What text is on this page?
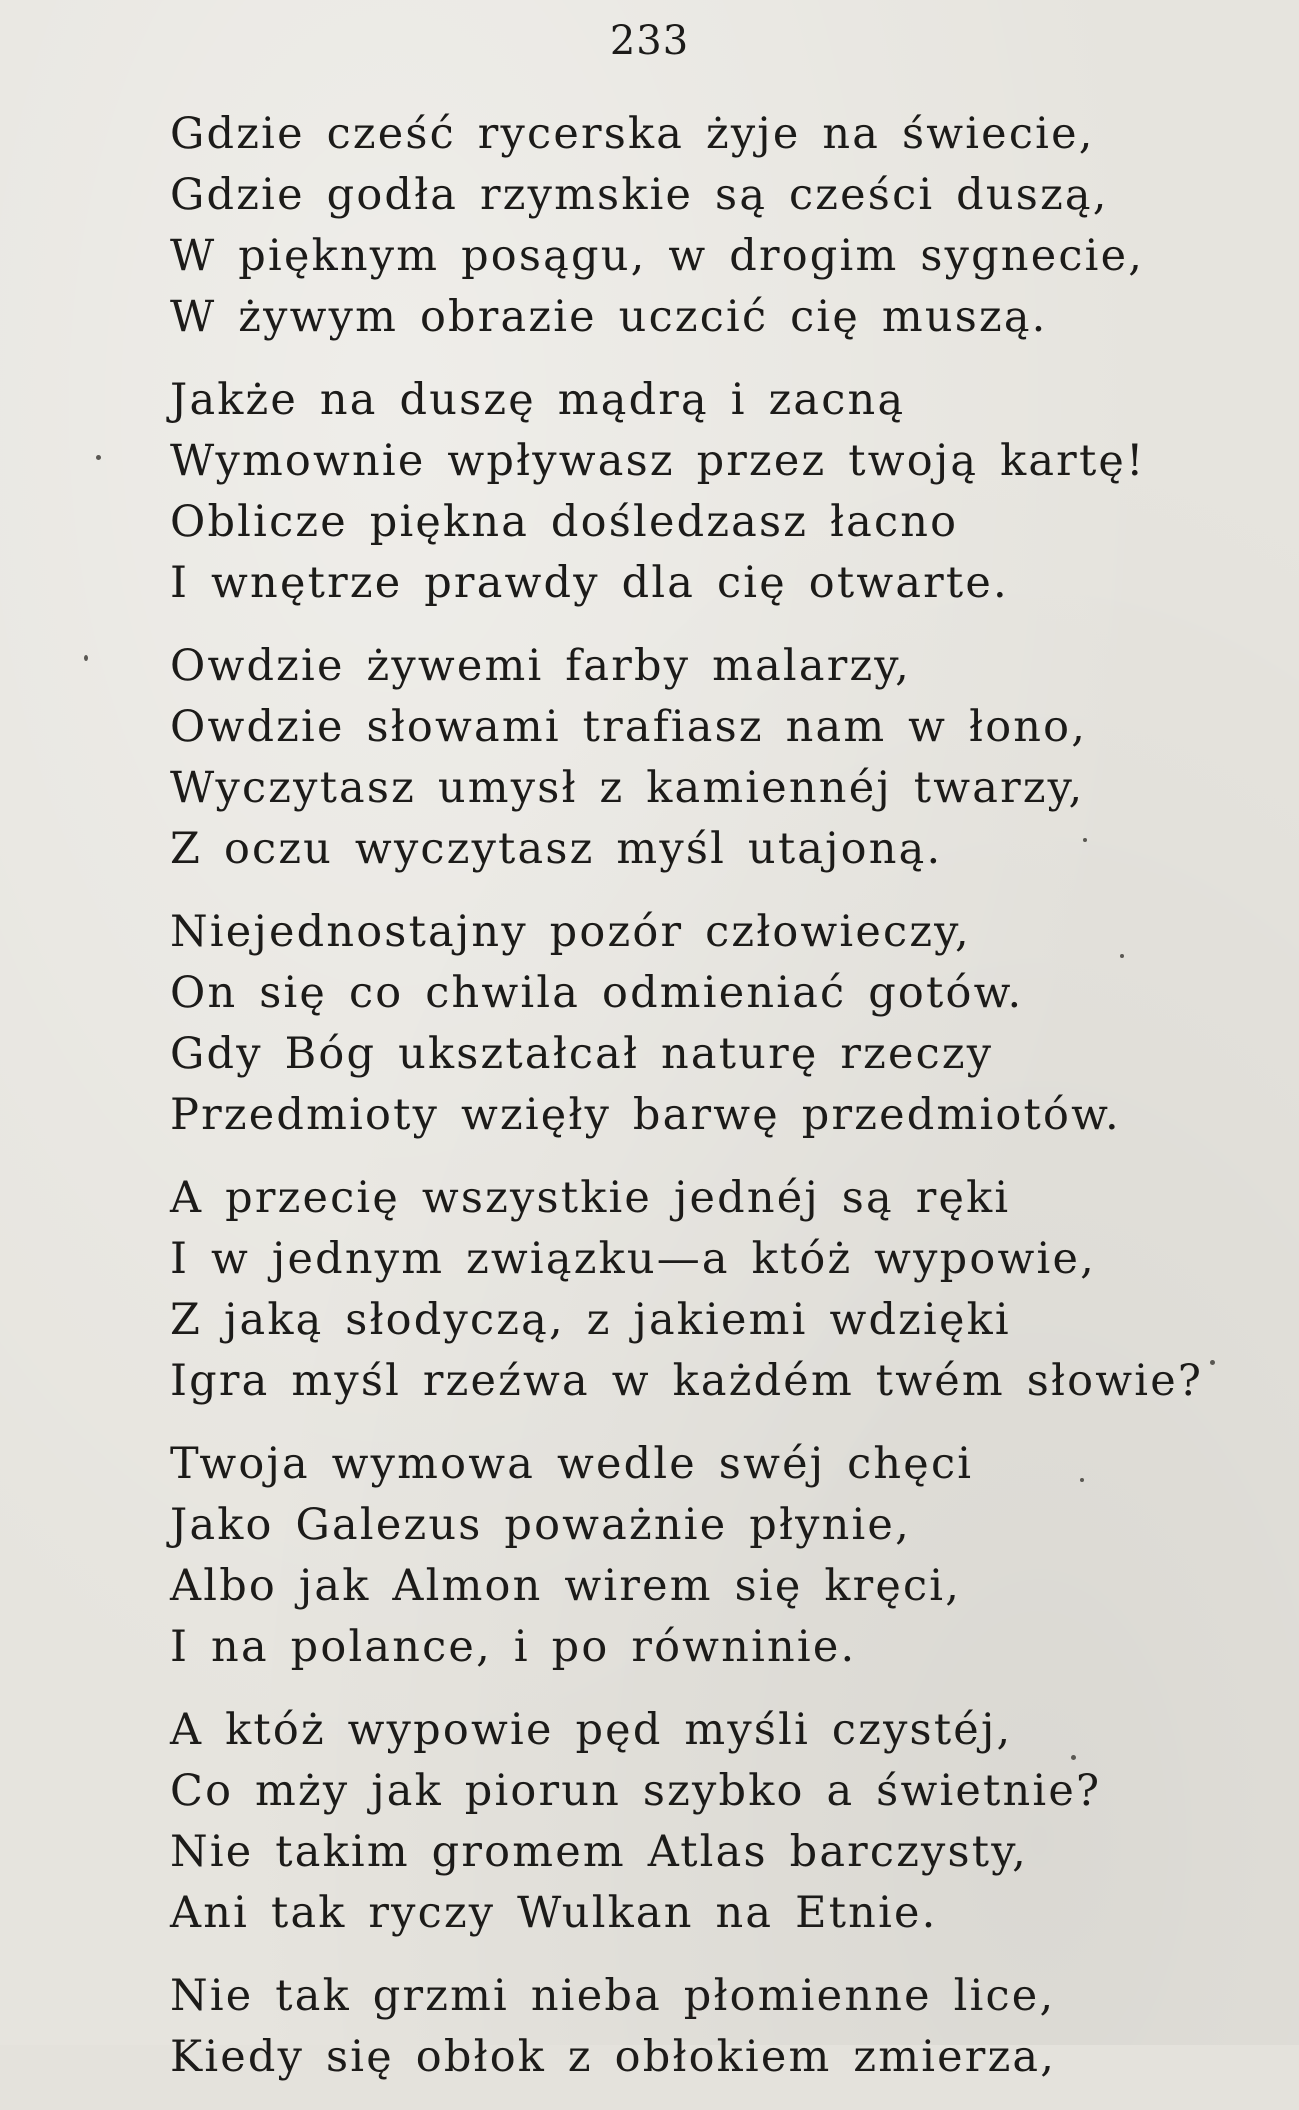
233
Gdzie cześć rycerska żyje na świecie,
Gdzie godła rzymskie są cześci duszą,
W pięknym posągu, w drogim sygnecie,
W żywym obrazie uczcić cię muszą.
Jakże na duszę mądrą i zacną
Wymownie wpływasz przez twoją kartę!
Oblicze piękna dośledzasz łacno
I wnętrze prawdy dla cię otwarte.
Owdzie żywemi farby malarzy,
Owdzie słowami trafiasz nam w łono,
Wyczytasz umysł z kamiennéj twarzy,
Z oczu wyczytasz myśl utajoną.
Niejednostajny pozór człowieczy,
On się co chwila odmieniać gotów.
Gdy Bóg ukształcał naturę rzeczy
Przedmioty wzięły barwę przedmiotów.
A przecię wszystkie jednéj są ręki
I w jednym związku—a któż wypowie,
Z jaką słodyczą, z jakiemi wdzięki
Igra myśl rzeźwa w każdém twém słowie?
Twoja wymowa wedle swéj chęci
Jako Galezus poważnie płynie,
Albo jak Almon wirem się kręci,
I na polance, i po równinie.
A któż wypowie pęd myśli czystéj,
Co mży jak piorun szybko a świetnie?
Nie takim gromem Atlas barczysty,
Ani tak ryczy Wulkan na Etnie.
Nie tak grzmi nieba płomienne lice,
Kiedy się obłok z obłokiem zmierza,
